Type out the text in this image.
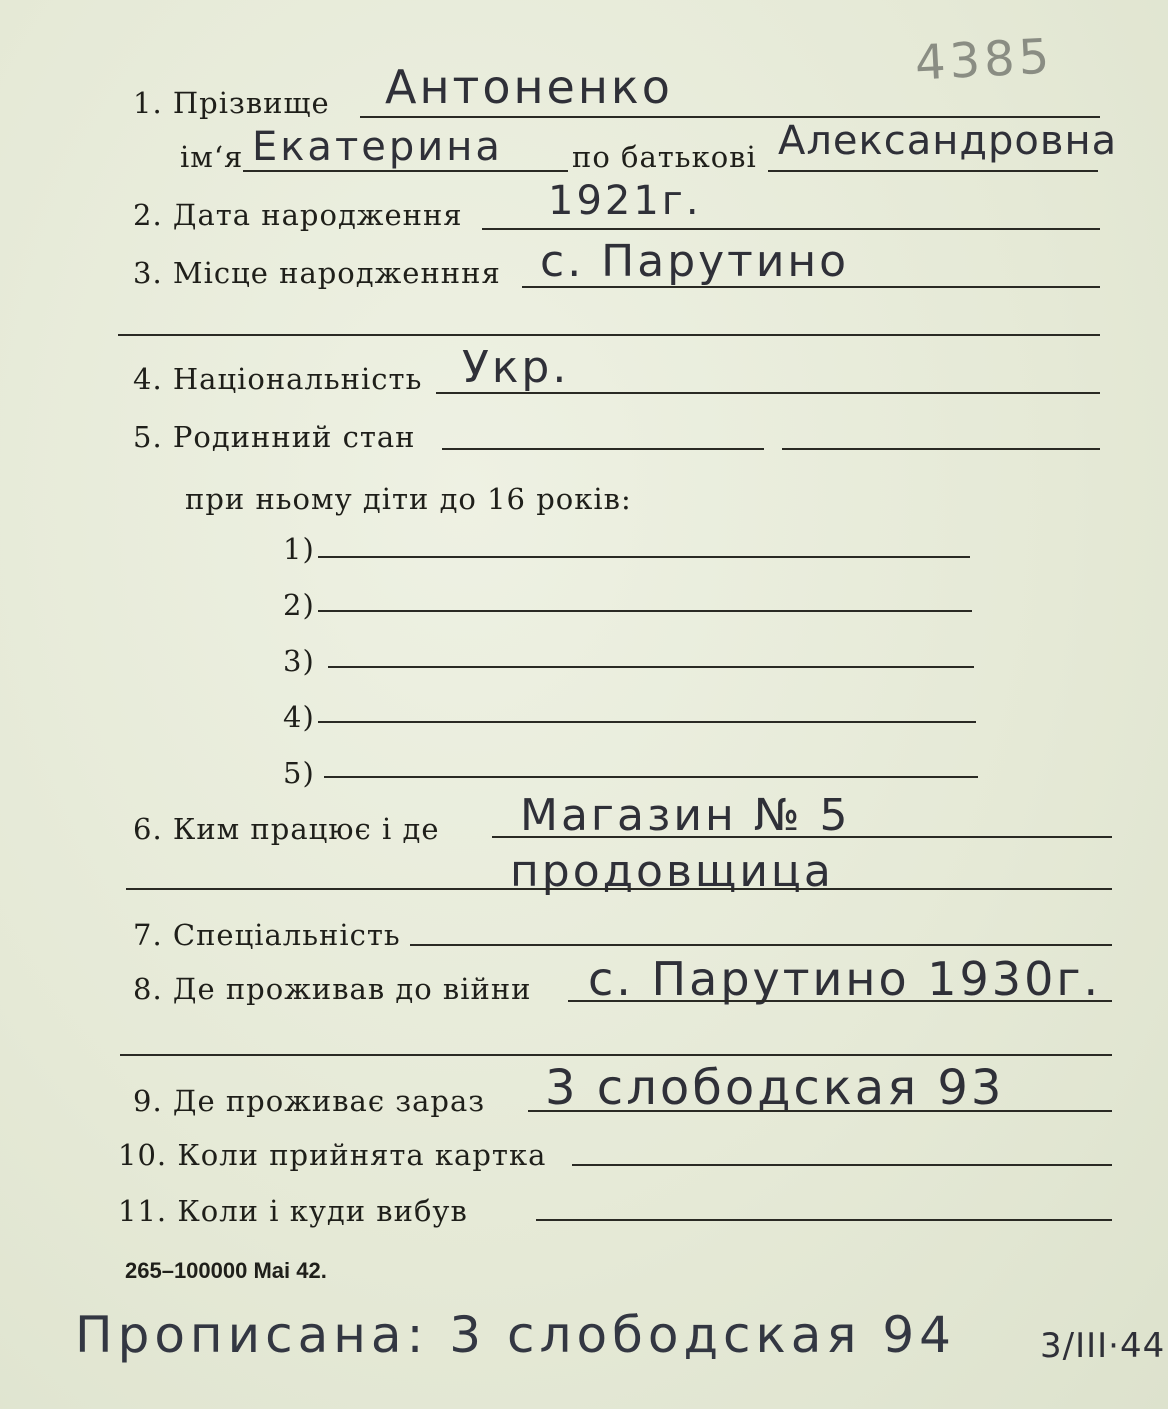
4385
1. Прізвище Антоненко
ім‘я Екатерина по батькові Александровна
2. Дата народження 1921г.
3. Місце народженння с. Парутино
4. Національність Укр.
5. Родинний стан
при ньому діти до 16 років:
1)
2)
3)
4)
5)
6. Ким працює і де Магазин № 5
продовщица
7. Спеціальність
8. Де проживав до війни с. Парутино 1930г.
9. Де проживає зараз 3 слободская 93
10. Коли прийнята картка
11. Коли і куди вибув
265–100000 Mai 42.
Прописана: 3 слободская 94 3/III·44
